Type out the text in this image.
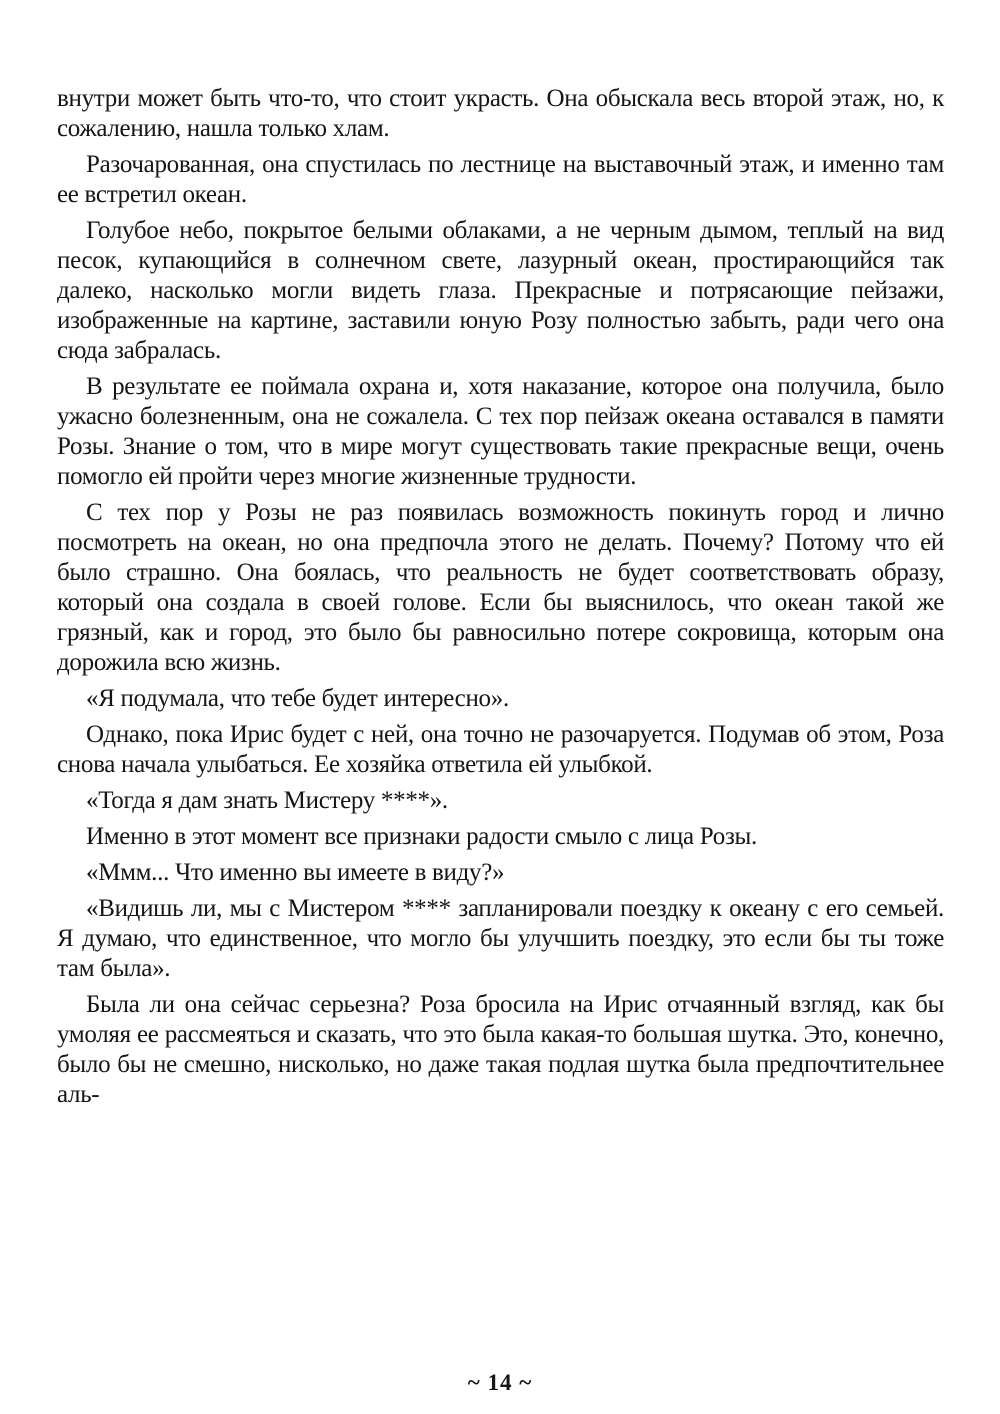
внутри может быть что-то, что стоит украсть. Она обыскала весь второй этаж, но, к сожалению, нашла только хлам.

Разочарованная, она спустилась по лестнице на выставочный этаж, и именно там ее встретил океан.

Голубое небо, покрытое белыми облаками, а не черным дымом, теплый на вид песок, купающийся в солнечном свете, лазурный океан, простирающийся так далеко, насколько могли видеть глаза. Прекрасные и потрясающие пейзажи, изображенные на картине, заставили юную Розу полностью забыть, ради чего она сюда забралась.

В результате ее поймала охрана и, хотя наказание, которое она получила, было ужасно болезненным, она не сожалела. С тех пор пейзаж океана оставался в памяти Розы. Знание о том, что в мире могут существовать такие прекрасные вещи, очень помогло ей пройти через многие жизненные трудности.

С тех пор у Розы не раз появилась возможность покинуть город и лично посмотреть на океан, но она предпочла этого не делать. Почему? Потому что ей было страшно. Она боялась, что реальность не будет соответствовать образу, который она создала в своей голове. Если бы выяснилось, что океан такой же грязный, как и город, это было бы равносильно потере сокровища, которым она дорожила всю жизнь.

«Я подумала, что тебе будет интересно».

Однако, пока Ирис будет с ней, она точно не разочаруется. Подумав об этом, Роза снова начала улыбаться. Ее хозяйка ответила ей улыбкой.

«Тогда я дам знать Мистеру ****».

Именно в этот момент все признаки радости смыло с лица Розы.

«Ммм... Что именно вы имеете в виду?»

«Видишь ли, мы с Мистером **** запланировали поездку к океану с его семьей. Я думаю, что единственное, что могло бы улучшить поездку, это если бы ты тоже там была».

Была ли она сейчас серьезна? Роза бросила на Ирис отчаянный взгляд, как бы умоляя ее рассмеяться и сказать, что это была какая-то большая шутка. Это, конечно, было бы не смешно, нисколько, но даже такая подлая шутка была предпочтительнее аль-

~ 14 ~
